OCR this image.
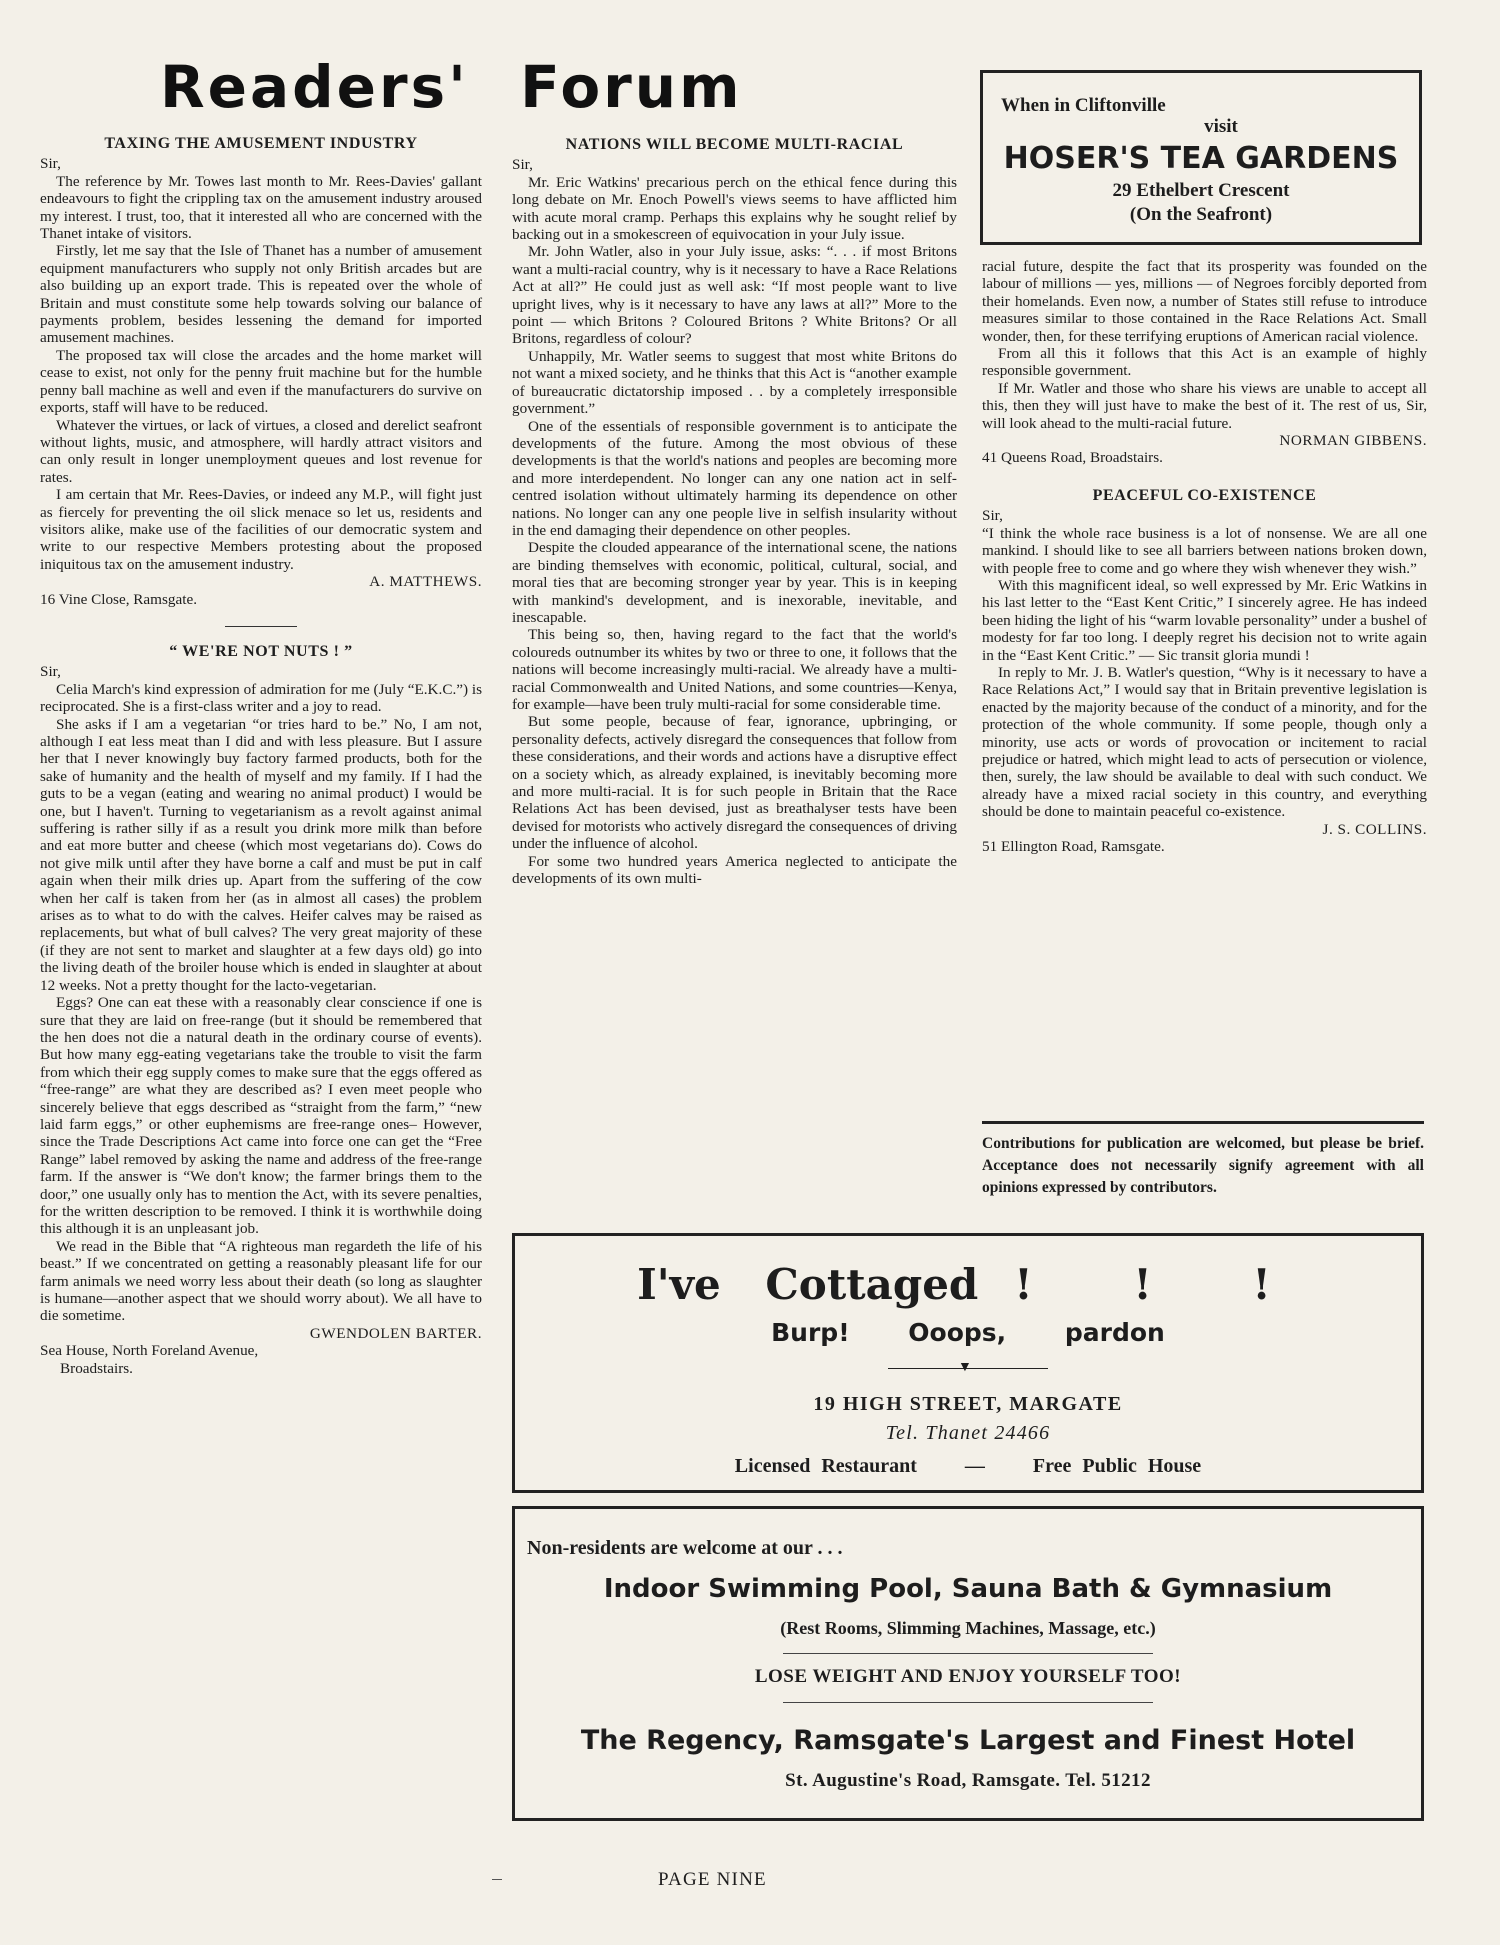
Readers' Forum
TAXING THE AMUSEMENT INDUSTRY

Sir,

The reference by Mr. Towes last month to Mr. Rees-Davies' gallant endeavours to fight the crippling tax on the amusement industry aroused my interest. I trust, too, that it interested all who are concerned with the Thanet intake of visitors.

Firstly, let me say that the Isle of Thanet has a number of amusement equipment manufacturers who supply not only British arcades but are also building up an export trade. This is repeated over the whole of Britain and must constitute some help towards solving our balance of payments problem, besides lessening the demand for imported amusement machines.

The proposed tax will close the arcades and the home market will cease to exist, not only for the penny fruit machine but for the humble penny ball machine as well and even if the manufacturers do survive on exports, staff will have to be reduced.

Whatever the virtues, or lack of virtues, a closed and derelict seafront without lights, music, and atmosphere, will hardly attract visitors and can only result in longer unemployment queues and lost revenue for rates.

I am certain that Mr. Rees-Davies, or indeed any M.P., will fight just as fiercely for preventing the oil slick menace so let us, residents and visitors alike, make use of the facilities of our democratic system and write to our respective Members protesting about the proposed iniquitous tax on the amusement industry.

A. MATTHEWS.

16 Vine Close, Ramsgate.

“ WE'RE NOT NUTS ! ”

Sir,

Celia March's kind expression of admiration for me (July “E.K.C.”) is reciprocated. She is a first-class writer and a joy to read.

She asks if I am a vegetarian “or tries hard to be.” No, I am not, although I eat less meat than I did and with less pleasure. But I assure her that I never knowingly buy factory farmed products, both for the sake of humanity and the health of myself and my family. If I had the guts to be a vegan (eating and wearing no animal product) I would be one, but I haven't. Turning to vegetarianism as a revolt against animal suffering is rather silly if as a result you drink more milk than before and eat more butter and cheese (which most vegetarians do). Cows do not give milk until after they have borne a calf and must be put in calf again when their milk dries up. Apart from the suffering of the cow when her calf is taken from her (as in almost all cases) the problem arises as to what to do with the calves. Heifer calves may be raised as replacements, but what of bull calves? The very great majority of these (if they are not sent to market and slaughter at a few days old) go into the living death of the broiler house which is ended in slaughter at about 12 weeks. Not a pretty thought for the lacto-vegetarian.

Eggs? One can eat these with a reasonably clear conscience if one is sure that they are laid on free-range (but it should be remembered that the hen does not die a natural death in the ordinary course of events). But how many egg-eating vegetarians take the trouble to visit the farm from which their egg supply comes to make sure that the eggs offered as “free-range” are what they are described as? I even meet people who sincerely believe that eggs described as “straight from the farm,” “new laid farm eggs,” or other euphemisms are free-range ones– However, since the Trade Descriptions Act came into force one can get the “Free Range” label removed by asking the name and address of the free-range farm. If the answer is “We don't know; the farmer brings them to the door,” one usually only has to mention the Act, with its severe penalties, for the written description to be removed. I think it is worthwhile doing this although it is an unpleasant job.

We read in the Bible that “A righteous man regardeth the life of his beast.” If we concentrated on getting a reasonably pleasant life for our farm animals we need worry less about their death (so long as slaughter is humane—another aspect that we should worry about). We all have to die sometime.

GWENDOLEN BARTER.

Sea House, North Foreland Avenue,

Broadstairs.

NATIONS WILL BECOME MULTI-RACIAL

Sir,

Mr. Eric Watkins' precarious perch on the ethical fence during this long debate on Mr. Enoch Powell's views seems to have afflicted him with acute moral cramp. Perhaps this explains why he sought relief by backing out in a smokescreen of equivocation in your July issue.

Mr. John Watler, also in your July issue, asks: “. . . if most Britons want a multi-racial country, why is it necessary to have a Race Relations Act at all?” He could just as well ask: “If most people want to live upright lives, why is it necessary to have any laws at all?” More to the point — which Britons ? Coloured Britons ? White Britons? Or all Britons, regardless of colour?

Unhappily, Mr. Watler seems to suggest that most white Britons do not want a mixed society, and he thinks that this Act is “another example of bureaucratic dictatorship imposed . . by a completely irresponsible government.”

One of the essentials of responsible government is to anticipate the developments of the future. Among the most obvious of these developments is that the world's nations and peoples are becoming more and more interdependent. No longer can any one nation act in self-centred isolation without ultimately harming its dependence on other nations. No longer can any one people live in selfish insularity without in the end damaging their dependence on other peoples.

Despite the clouded appearance of the international scene, the nations are binding themselves with economic, political, cultural, social, and moral ties that are becoming stronger year by year. This is in keeping with mankind's development, and is inexorable, inevitable, and inescapable.

This being so, then, having regard to the fact that the world's coloureds outnumber its whites by two or three to one, it follows that the nations will become increasingly multi-racial. We already have a multi-racial Commonwealth and United Nations, and some countries—Kenya, for example—have been truly multi-racial for some considerable time.

But some people, because of fear, ignorance, upbringing, or personality defects, actively disregard the consequences that follow from these considerations, and their words and actions have a disruptive effect on a society which, as already explained, is inevitably becoming more and more multi-racial. It is for such people in Britain that the Race Relations Act has been devised, just as breathalyser tests have been devised for motorists who actively disregard the consequences of driving under the influence of alcohol.

For some two hundred years America neglected to anticipate the developments of its own multi-

When in Cliftonville
visit
HOSER'S TEA GARDENS
29 Ethelbert Crescent
(On the Seafront)

racial future, despite the fact that its prosperity was founded on the labour of millions — yes, millions — of Negroes forcibly deported from their homelands. Even now, a number of States still refuse to introduce measures similar to those contained in the Race Relations Act. Small wonder, then, for these terrifying eruptions of American racial violence.

From all this it follows that this Act is an example of highly responsible government.

If Mr. Watler and those who share his views are unable to accept all this, then they will just have to make the best of it. The rest of us, Sir, will look ahead to the multi-racial future.

NORMAN GIBBENS.

41 Queens Road, Broadstairs.

PEACEFUL CO-EXISTENCE

Sir,

“I think the whole race business is a lot of nonsense. We are all one mankind. I should like to see all barriers between nations broken down, with people free to come and go where they wish whenever they wish.”

With this magnificent ideal, so well expressed by Mr. Eric Watkins in his last letter to the “East Kent Critic,” I sincerely agree. He has indeed been hiding the light of his “warm lovable personality” under a bushel of modesty for far too long. I deeply regret his decision not to write again in the “East Kent Critic.” — Sic transit gloria mundi !

In reply to Mr. J. B. Watler's question, “Why is it necessary to have a Race Relations Act,” I would say that in Britain preventive legislation is enacted by the majority because of the conduct of a minority, and for the protection of the whole community. If some people, though only a minority, use acts or words of provocation or incitement to racial prejudice or hatred, which might lead to acts of persecution or violence, then, surely, the law should be available to deal with such conduct. We already have a mixed racial society in this country, and everything should be done to maintain peaceful co-existence.

J. S. COLLINS.

51 Ellington Road, Ramsgate.

Contributions for publication are welcomed, but please be brief. Acceptance does not necessarily signify agreement with all opinions expressed by contributors.
I've Cottaged ! ! !
Burp! Ooops, pardon
▼
19 HIGH STREET, MARGATE
Tel. Thanet 24466
Licensed Restaurant — Free Public House
Non-residents are welcome at our . . .
Indoor Swimming Pool, Sauna Bath & Gymnasium
(Rest Rooms, Slimming Machines, Massage, etc.)
LOSE WEIGHT AND ENJOY YOURSELF TOO!
The Regency, Ramsgate's Largest and Finest Hotel
St. Augustine's Road, Ramsgate. Tel. 51212
PAGE NINE
